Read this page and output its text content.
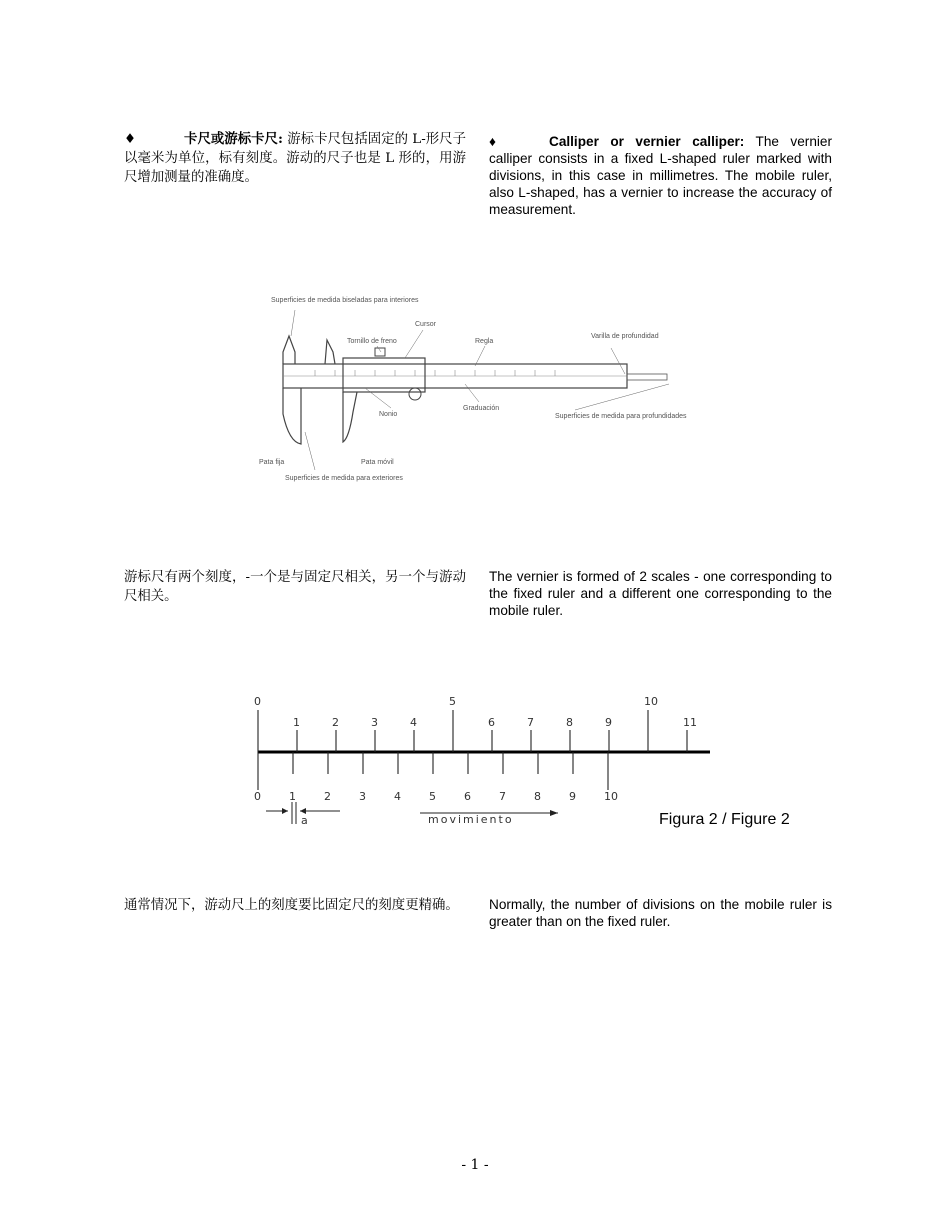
♦	卡尺或游标卡尺: 游标卡尺包括固定的 L-形尺子以毫米为单位，标有刻度。游动的尺子也是 L 形的，用游尺增加测量的准确度。
♦	Calliper or vernier calliper: The vernier calliper consists in a fixed L-shaped ruler marked with divisions, in this case in millimetres. The mobile ruler, also L-shaped, has a vernier to increase the accuracy of measurement.
Superficies de medida biseladas para interiores
Cursor
Tornillo de freno	Regla
Varilla de profundidad
Nonio
Graduación
Superficies de medida para profundidades
Pata fija	Pata móvil
Superficies de medida para exteriores
游标尺有两个刻度，-一个是与固定尺相关，另一个与游动尺相关。
The vernier is formed of 2 scales - one corresponding to the fixed ruler and a different one corresponding to the mobile ruler.
0
1	2	3	4
5
6	7	8	9
10
11
0	1	2	3	4	5	6	7	8	9	10
a	movimiento	Figura 2 / Figure 2
通常情况下，游动尺上的刻度要比固定尺的刻度更精确。	Normally, the number of divisions on the mobile ruler is greater than on the fixed ruler.
- 1 -
